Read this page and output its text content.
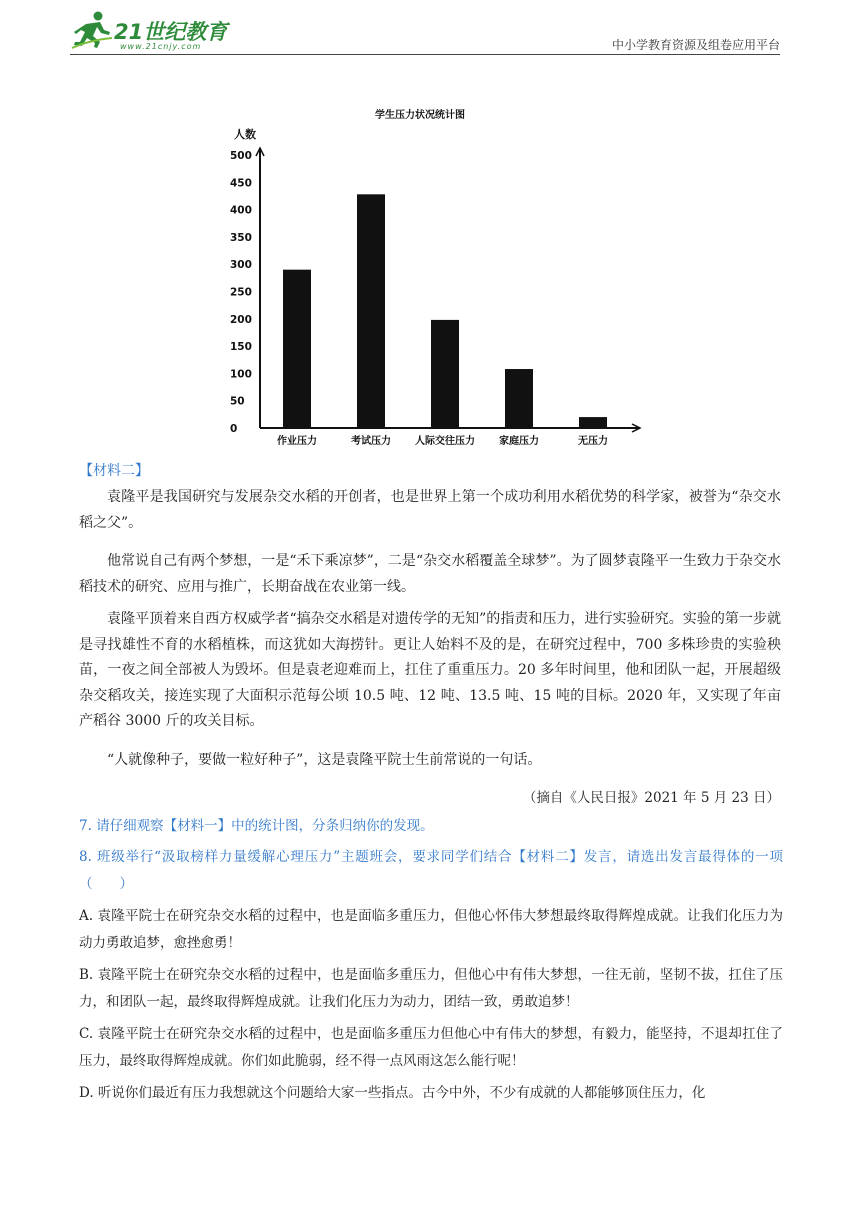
21世纪教育
www.21cnjy.com	中小学教育资源及组卷应用平台
学生压力状况统计图
人数
0
50
100
150
200
250
300
350
400
450
500
作业压力	考试压力 人际交往压力 家庭压力	无压力
【材料二】
袁隆平是我国研究与发展杂交水稻的开创者，也是世界上第一个成功利用水稻优势的科学家，被誉为“杂交水稻之父”。
他常说自己有两个梦想，一是“禾下乘凉梦”，二是“杂交水稻覆盖全球梦”。为了圆梦袁隆平一生致力于杂交水稻技术的研究、应用与推广，长期奋战在农业第一线。
袁隆平顶着来自西方权威学者“搞杂交水稻是对遗传学的无知”的指责和压力，进行实验研究。实验的第一步就是寻找雄性不育的水稻植株，而这犹如大海捞针。更让人始料不及的是，在研究过程中，700 多株珍贵的实验秧苗，一夜之间全部被人为毁坏。但是袁老迎难而上，扛住了重重压力。20 多年时间里，他和团队一起，开展超级杂交稻攻关，接连实现了大面积示范每公顷 10.5 吨、12 吨、13.5 吨、15 吨的目标。2020 年，又实现了年亩产稻谷 3000 斤的攻关目标。
“人就像种子，要做一粒好种子”，这是袁隆平院士生前常说的一句话。
（摘自《人民日报》2021 年 5 月 23 日）
7. 请仔细观察【材料一】中的统计图，分条归纳你的发现。
8. 班级举行“汲取榜样力量缓解心理压力”主题班会，要求同学们结合【材料二】发言，请选出发言最得体的一项（　　）
A. 袁隆平院士在研究杂交水稻的过程中，也是面临多重压力，但他心怀伟大梦想最终取得辉煌成就。让我们化压力为动力勇敢追梦，愈挫愈勇！
B. 袁隆平院士在研究杂交水稻的过程中，也是面临多重压力，但他心中有伟大梦想，一往无前，坚韧不拔，扛住了压力，和团队一起，最终取得辉煌成就。让我们化压力为动力，团结一致，勇敢追梦！
C. 袁隆平院士在研究杂交水稻的过程中，也是面临多重压力但他心中有伟大的梦想，有毅力，能坚持，不退却扛住了压力，最终取得辉煌成就。你们如此脆弱，经不得一点风雨这怎么能行呢！
D. 听说你们最近有压力我想就这个问题给大家一些指点。古今中外，不少有成就的人都能够顶住压力，化
